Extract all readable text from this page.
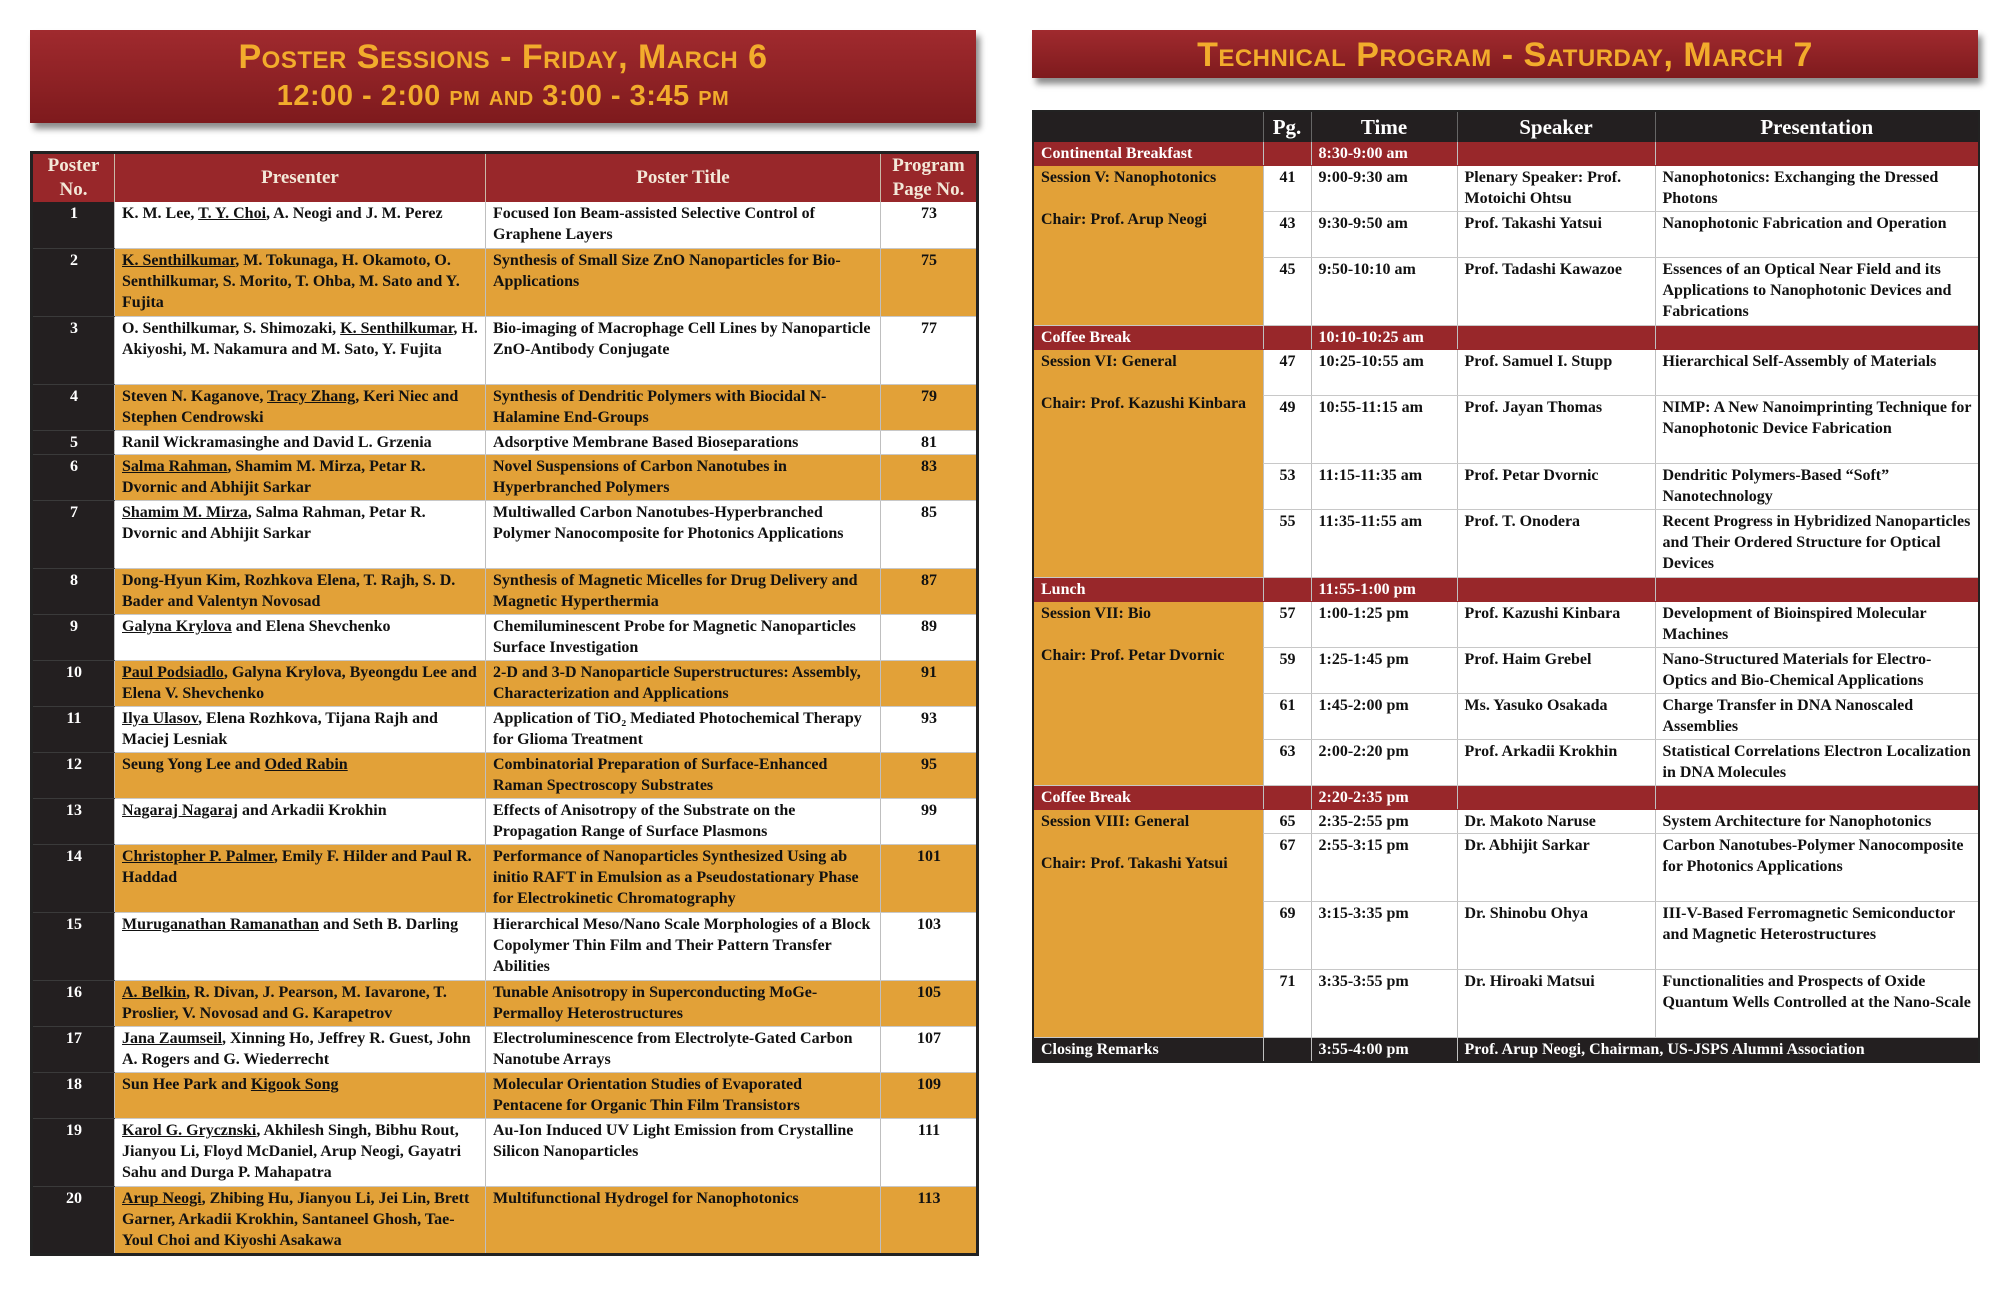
Poster Sessions - Friday, March 6
12:00 - 2:00 pm and 3:00 - 3:45 pm
Poster No.	Presenter	Poster Title	Program Page No.
1	K. M. Lee, T. Y. Choi, A. Neogi and J. M. Perez	Focused Ion Beam-assisted Selective Control of Graphene Layers	73
2	K. Senthilkumar, M. Tokunaga, H. Okamoto, O. Senthilkumar, S. Morito, T. Ohba, M. Sato and Y. Fujita	Synthesis of Small Size ZnO Nanoparticles for Bio-Applications	75
3	O. Senthilkumar, S. Shimozaki, K. Senthilkumar, H. Akiyoshi, M. Nakamura and M. Sato, Y. Fujita	Bio-imaging of Macrophage Cell Lines by Nanoparticle ZnO-Antibody Conjugate	77
4	Steven N. Kaganove, Tracy Zhang, Keri Niec and Stephen Cendrowski	Synthesis of Dendritic Polymers with Biocidal N-Halamine End-Groups	79
5	Ranil Wickramasinghe and David L. Grzenia	Adsorptive Membrane Based Bioseparations	81
6	Salma Rahman, Shamim M. Mirza, Petar R. Dvornic and Abhijit Sarkar	Novel Suspensions of Carbon Nanotubes in Hyperbranched Polymers	83
7	Shamim M. Mirza, Salma Rahman, Petar R. Dvornic and Abhijit Sarkar	Multiwalled Carbon Nanotubes-Hyperbranched Polymer Nanocomposite for Photonics Applications	85
8	Dong-Hyun Kim, Rozhkova Elena, T. Rajh, S. D. Bader and Valentyn Novosad	Synthesis of Magnetic Micelles for Drug Delivery and Magnetic Hyperthermia	87
9	Galyna Krylova and Elena Shevchenko	Chemiluminescent Probe for Magnetic Nanoparticles Surface Investigation	89
10	Paul Podsiadlo, Galyna Krylova, Byeongdu Lee and Elena V. Shevchenko	2-D and 3-D Nanoparticle Superstructures: Assembly, Characterization and Applications	91
11	Ilya Ulasov, Elena Rozhkova, Tijana Rajh and Maciej Lesniak	Application of TiO₂ Mediated Photochemical Therapy for Glioma Treatment	93
12	Seung Yong Lee and Oded Rabin	Combinatorial Preparation of Surface-Enhanced Raman Spectroscopy Substrates	95
13	Nagaraj Nagaraj and Arkadii Krokhin	Effects of Anisotropy of the Substrate on the Propagation Range of Surface Plasmons	99
14	Christopher P. Palmer, Emily F. Hilder and Paul R. Haddad	Performance of Nanoparticles Synthesized Using ab initio RAFT in Emulsion as a Pseudostationary Phase for Electrokinetic Chromatography	101
15	Muruganathan Ramanathan and Seth B. Darling	Hierarchical Meso/Nano Scale Morphologies of a Block Copolymer Thin Film and Their Pattern Transfer Abilities	103
16	A. Belkin, R. Divan, J. Pearson, M. Iavarone, T. Proslier, V. Novosad and G. Karapetrov	Tunable Anisotropy in Superconducting MoGe-Permalloy Heterostructures	105
17	Jana Zaumseil, Xinning Ho, Jeffrey R. Guest, John A. Rogers and G. Wiederrecht	Electroluminescence from Electrolyte-Gated Carbon Nanotube Arrays	107
18	Sun Hee Park and Kigook Song	Molecular Orientation Studies of Evaporated Pentacene for Organic Thin Film Transistors	109
19	Karol G. Grycznski, Akhilesh Singh, Bibhu Rout, Jianyou Li, Floyd McDaniel, Arup Neogi, Gayatri Sahu and Durga P. Mahapatra	Au-Ion Induced UV Light Emission from Crystalline Silicon Nanoparticles	111
20	Arup Neogi, Zhibing Hu, Jianyou Li, Jei Lin, Brett Garner, Arkadii Krokhin, Santaneel Ghosh, Tae-Youl Choi and Kiyoshi Asakawa	Multifunctional Hydrogel for Nanophotonics	113
Technical Program - Saturday, March 7
	Pg.	Time	Speaker	Presentation
Continental Breakfast		8:30-9:00 am		

Session V: Nanophotonics
Chair: Prof. Arup Neogi	41	9:00-9:30 am	Plenary Speaker: Prof. Motoichi Ohtsu	Nanophotonics: Exchanging the Dressed Photons
	43	9:30-9:50 am	Prof. Takashi Yatsui	Nanophotonic Fabrication and Operation
	45	9:50-10:10 am	Prof. Tadashi Kawazoe	Essences of an Optical Near Field and its Applications to Nanophotonic Devices and Fabrications
Coffee Break		10:10-10:25 am		

Session VI: General
Chair: Prof. Kazushi Kinbara	47	10:25-10:55 am	Prof. Samuel I. Stupp	Hierarchical Self-Assembly of Materials
	49	10:55-11:15 am	Prof. Jayan Thomas	NIMP: A New Nanoimprinting Technique for Nanophotonic Device Fabrication
	53	11:15-11:35 am	Prof. Petar Dvornic	Dendritic Polymers-Based “Soft” Nanotechnology
	55	11:35-11:55 am	Prof. T. Onodera	Recent Progress in Hybridized Nanoparticles and Their Ordered Structure for Optical Devices
Lunch		11:55-1:00 pm		

Session VII: Bio
Chair: Prof. Petar Dvornic	57	1:00-1:25 pm	Prof. Kazushi Kinbara	Development of Bioinspired Molecular Machines
	59	1:25-1:45 pm	Prof. Haim Grebel	Nano-Structured Materials for Electro-Optics and Bio-Chemical Applications
	61	1:45-2:00 pm	Ms. Yasuko Osakada	Charge Transfer in DNA Nanoscaled Assemblies
	63	2:00-2:20 pm	Prof. Arkadii Krokhin	Statistical Correlations Electron Localization in DNA Molecules
Coffee Break		2:20-2:35 pm		

Session VIII: General
Chair: Prof. Takashi Yatsui	65	2:35-2:55 pm	Dr. Makoto Naruse	System Architecture for Nanophotonics
	67	2:55-3:15 pm	Dr. Abhijit Sarkar	Carbon Nanotubes-Polymer Nanocomposite for Photonics Applications
	69	3:15-3:35 pm	Dr. Shinobu Ohya	III-V-Based Ferromagnetic Semiconductor and Magnetic Heterostructures
	71	3:35-3:55 pm	Dr. Hiroaki Matsui	Functionalities and Prospects of Oxide Quantum Wells Controlled at the Nano-Scale
Closing Remarks		3:55-4:00 pm	Prof. Arup Neogi, Chairman, US-JSPS Alumni Association	
